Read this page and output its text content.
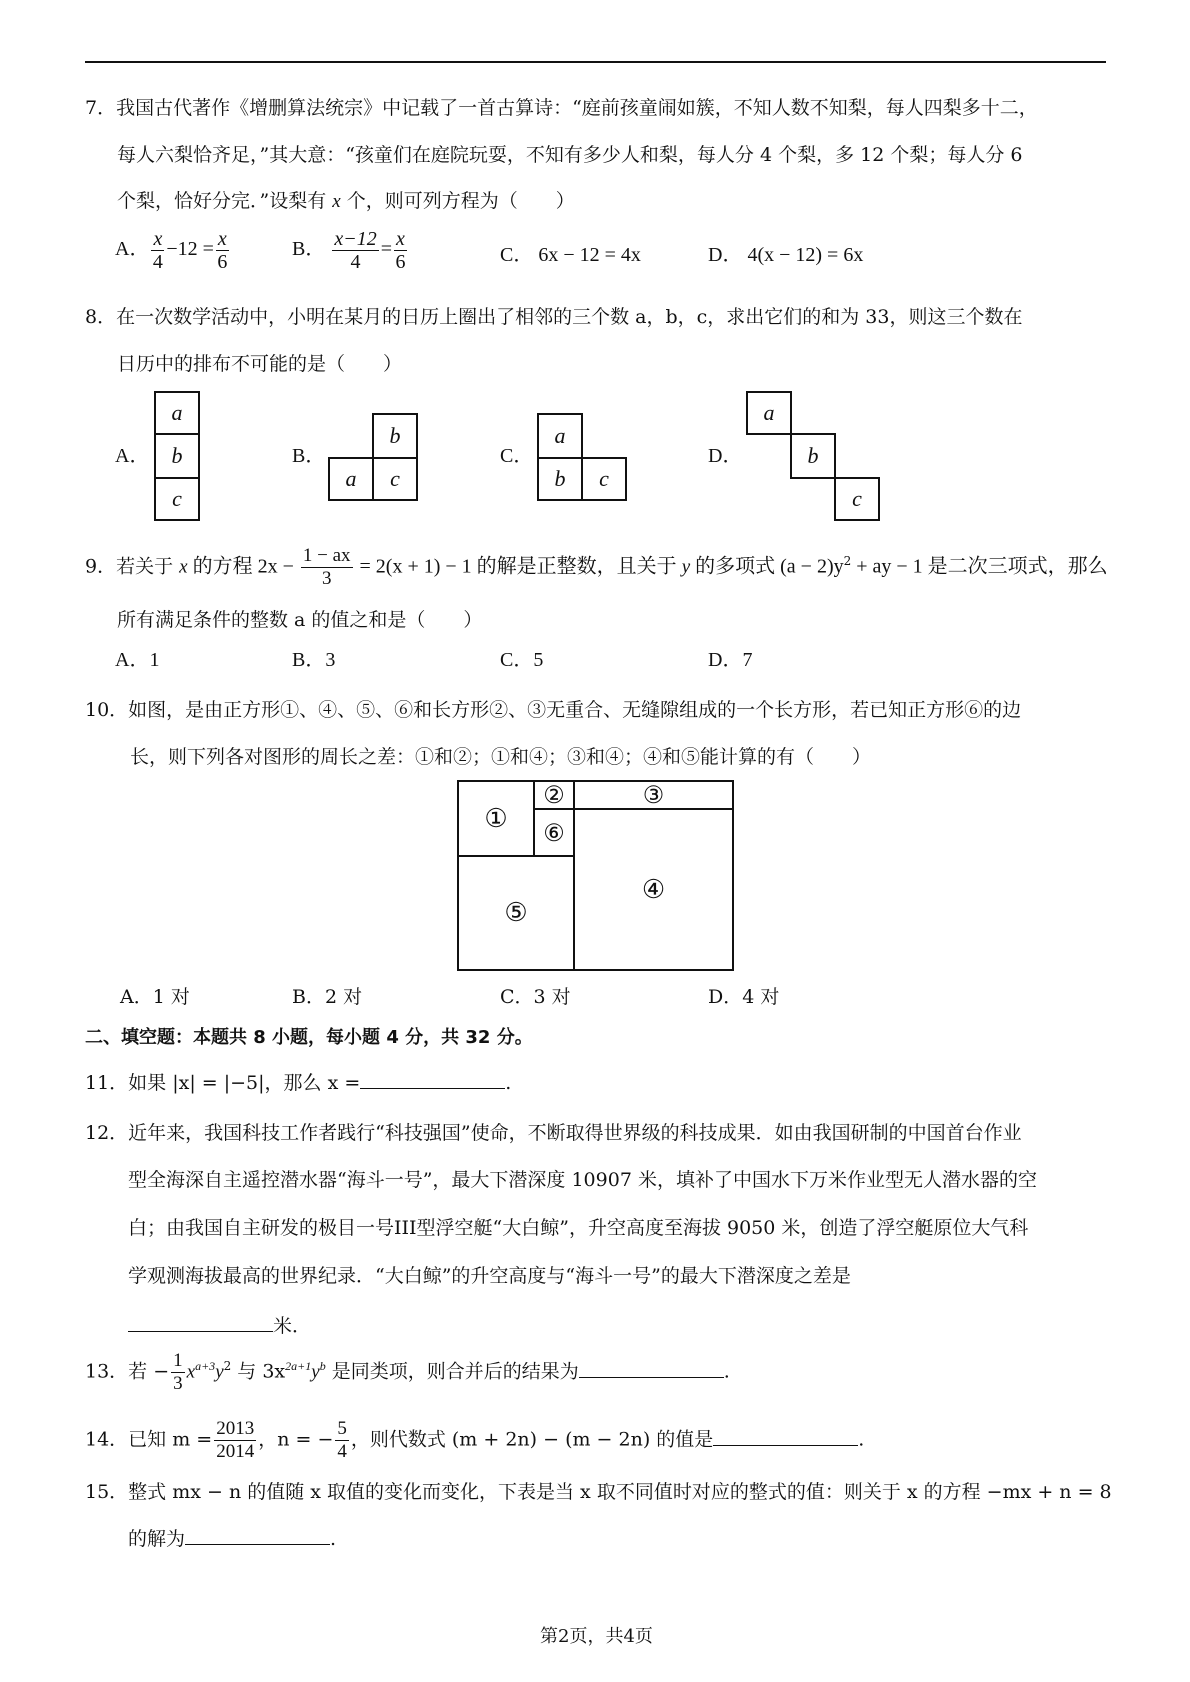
7．我国古代著作《增删算法统宗》中记载了一首古算诗：“庭前孩童闹如簇，不知人数不知梨，每人四梨多十二，
每人六梨恰齐足，”其大意：“孩童们在庭院玩耍，不知有多少人和梨，每人分 4 个梨，多 12 个梨；每人分 6
个梨，恰好分完．”设梨有 x 个，则可列方程为（　　）
A． $\frac{x}{4} -12 = \frac{x}{6}$	B． $\frac{x-12}{4} = \frac{x}{6}$	C． 6x − 12 = 4x	D． 4(x − 12) = 6x
8．在一次数学活动中，小明在某月的日历上圈出了相邻的三个数 a，b，c，求出它们的和为 33，则这三个数在
日历中的排布不可能的是（　　）
A．
a
b
c
B．
b
a	c
C．
a
b	c
D．
a
b
c
9．若关于 x 的方程 $2x - \frac{1 - ax}{3} = 2(x + 1) - 1$ 的解是正整数，且关于 y 的多项式 $(a - 2)y^2$ + ay − 1 是二次三项式，那么
所有满足条件的整数 a 的值之和是（　　）
A．1	B．3	C．5	D．7
10．如图，是由正方形①、④、⑤、⑥和长方形②、③无重合、无缝隙组成的一个长方形，若已知正方形⑥的边
长，则下列各对图形的周长之差：①和②；①和④；③和④；④和⑤能计算的有（　　）
①
②	③
⑥
④
⑤
A．1 对	B．2 对	C．3 对	D．4 对
二、填空题：本题共 8 小题，每小题 4 分，共 32 分。
11．如果 |x| = |−5|，那么 x =	.
12．近年来，我国科技工作者践行“科技强国”使命，不断取得世界级的科技成果．如由我国研制的中国首台作业
型全海深自主遥控潜水器“海斗一号”，最大下潜深度 10907 米，填补了中国水下万米作业型无人潜水器的空
白；由我国自主研发的极目一号III型浮空艇“大白鲸”，升空高度至海拔 9050 米，创造了浮空艇原位大气科
学观测海拔最高的世界纪录．“大白鲸”的升空高度与“海斗一号”的最大下潜深度之差是
米．
13．若 − $\frac{1}{3} x^{a+3}y^2$ 与 $3x^{2a+1}y^b$ 是同类项，则合并后的结果为	.
14．已知 $m = \frac{2013}{2014}$ ，n = − $\frac{5}{4}$ ，则代数式 (m + 2n) − (m − 2n) 的值是	.
15．整式 mx − n 的值随 x 取值的变化而变化，下表是当 x 取不同值时对应的整式的值：则关于 x 的方程 −mx + n = 8
的解为	.
第2页，共4页
